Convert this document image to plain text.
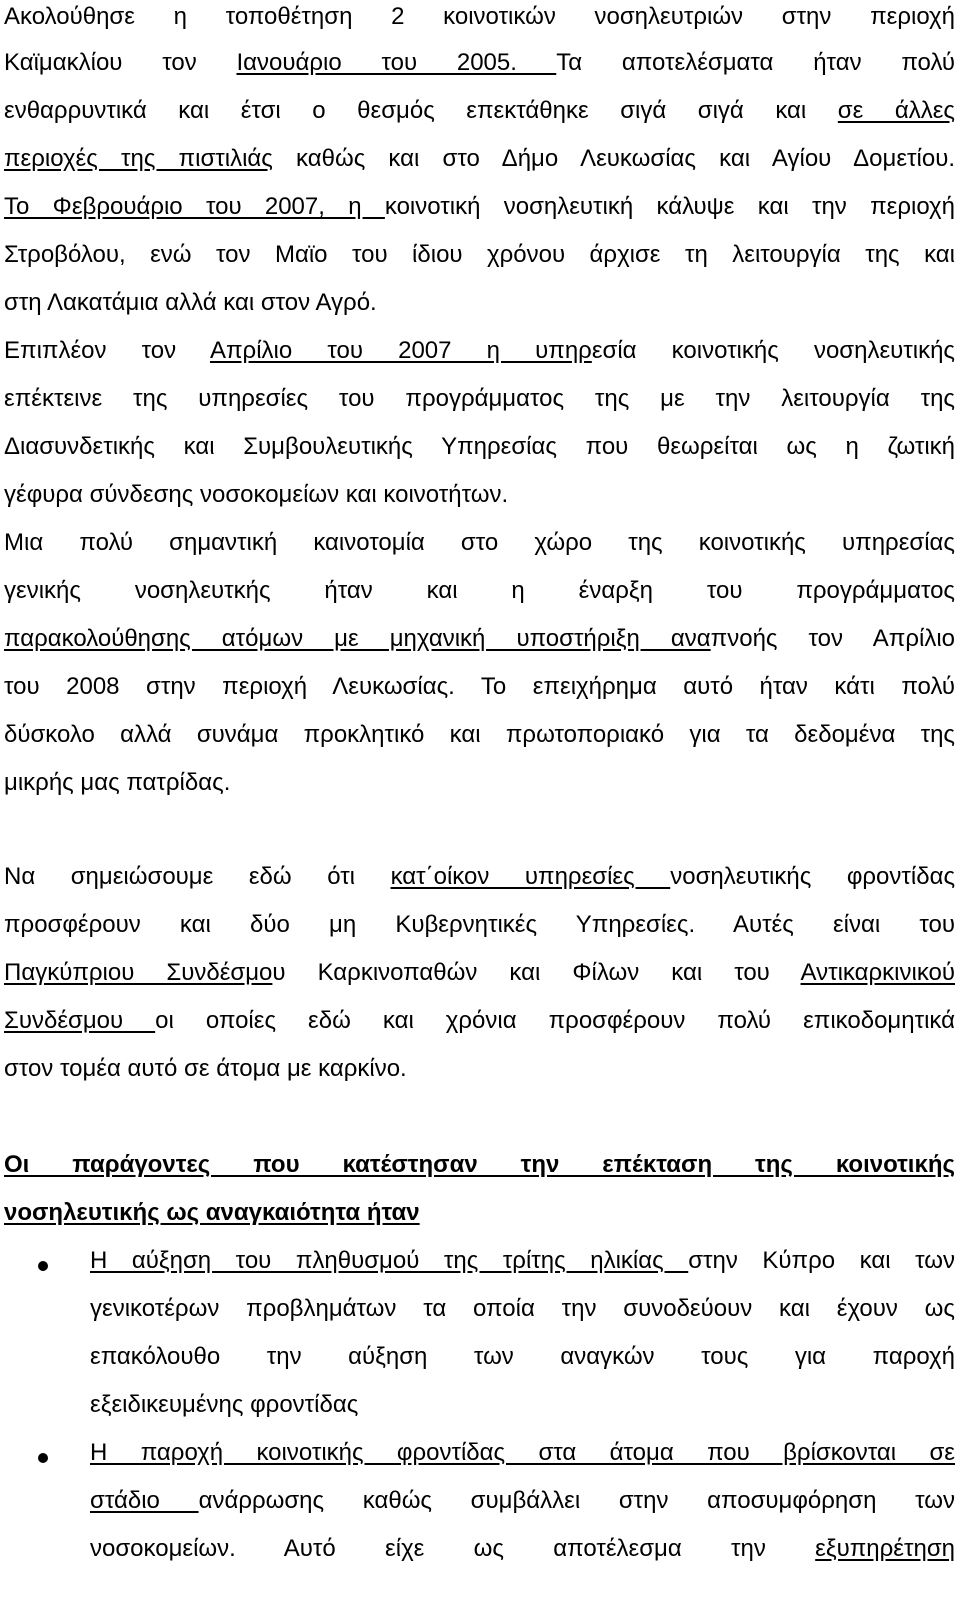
Ακολούθησε η τοποθέτηση 2 κοινοτικών νοσηλευτριών στην περιοχή
Καϊμακλίου τον Ιανουάριο του 2005. Τα αποτελέσματα ήταν πολύ
ενθαρρυντικά και έτσι ο θεσμός επεκτάθηκε σιγά σιγά και σε άλλες
περιοχές της πιστιλιάς καθώς και στο Δήμο Λευκωσίας και Αγίου Δομετίου.
Το Φεβρουάριο του 2007, η κοινοτική νοσηλευτική κάλυψε και την περιοχή
Στροβόλου, ενώ τον Μαϊο του ίδιου χρόνου άρχισε τη λειτουργία της και
στη Λακατάμια αλλά και στον Αγρό.
Επιπλέον τον Απρίλιο του 2007 η υπηρεσία κοινοτικής νοσηλευτικής
επέκτεινε της υπηρεσίες του προγράμματος της με την λειτουργία της
Διασυνδετικής και Συμβουλευτικής Υπηρεσίας που θεωρείται ως η ζωτική
γέφυρα σύνδεσης νοσοκομείων και κοινοτήτων.
Μια πολύ σημαντική καινοτομία στο χώρο της κοινοτικής υπηρεσίας
γενικής νοσηλευτκής ήταν και η έναρξη του προγράμματος
παρακολούθησης ατόμων με μηχανική υποστήριξη αναπνοής τον Απρίλιο
του 2008 στην περιοχή Λευκωσίας. Το επειχήρημα αυτό ήταν κάτι πολύ
δύσκολο αλλά συνάμα προκλητικό και πρωτοποριακό για τα δεδομένα της
μικρής μας πατρίδας.
Να σημειώσουμε εδώ ότι κατ΄οίκον υπηρεσίες νοσηλευτικής φροντίδας
προσφέρουν και δύο μη Κυβερνητικές Υπηρεσίες. Αυτές είναι του
Παγκύπριου Συνδέσμου Καρκινοπαθών και Φίλων και του Αντικαρκινικού
Συνδέσμου οι οποίες εδώ και χρόνια προσφέρουν πολύ επικοδομητικά
στον τομέα αυτό σε άτομα με καρκίνο.
Οι παράγοντες που κατέστησαν την επέκταση της κοινοτικής
νοσηλευτικής ως αναγκαιότητα ήταν
Η αύξηση του πληθυσμού της τρίτης ηλικίας στην Κύπρο και των
γενικοτέρων προβλημάτων τα οποία την συνοδεύουν και έχουν ως
επακόλουθο την αύξηση των αναγκών τους για παροχή
εξειδικευμένης φροντίδας
Η παροχή κοινοτικής φροντίδας στα άτομα που βρίσκονται σε
στάδιο ανάρρωσης καθώς συμβάλλει στην αποσυμφόρηση των
νοσοκομείων. Αυτό είχε ως αποτέλεσμα την εξυπηρέτηση
